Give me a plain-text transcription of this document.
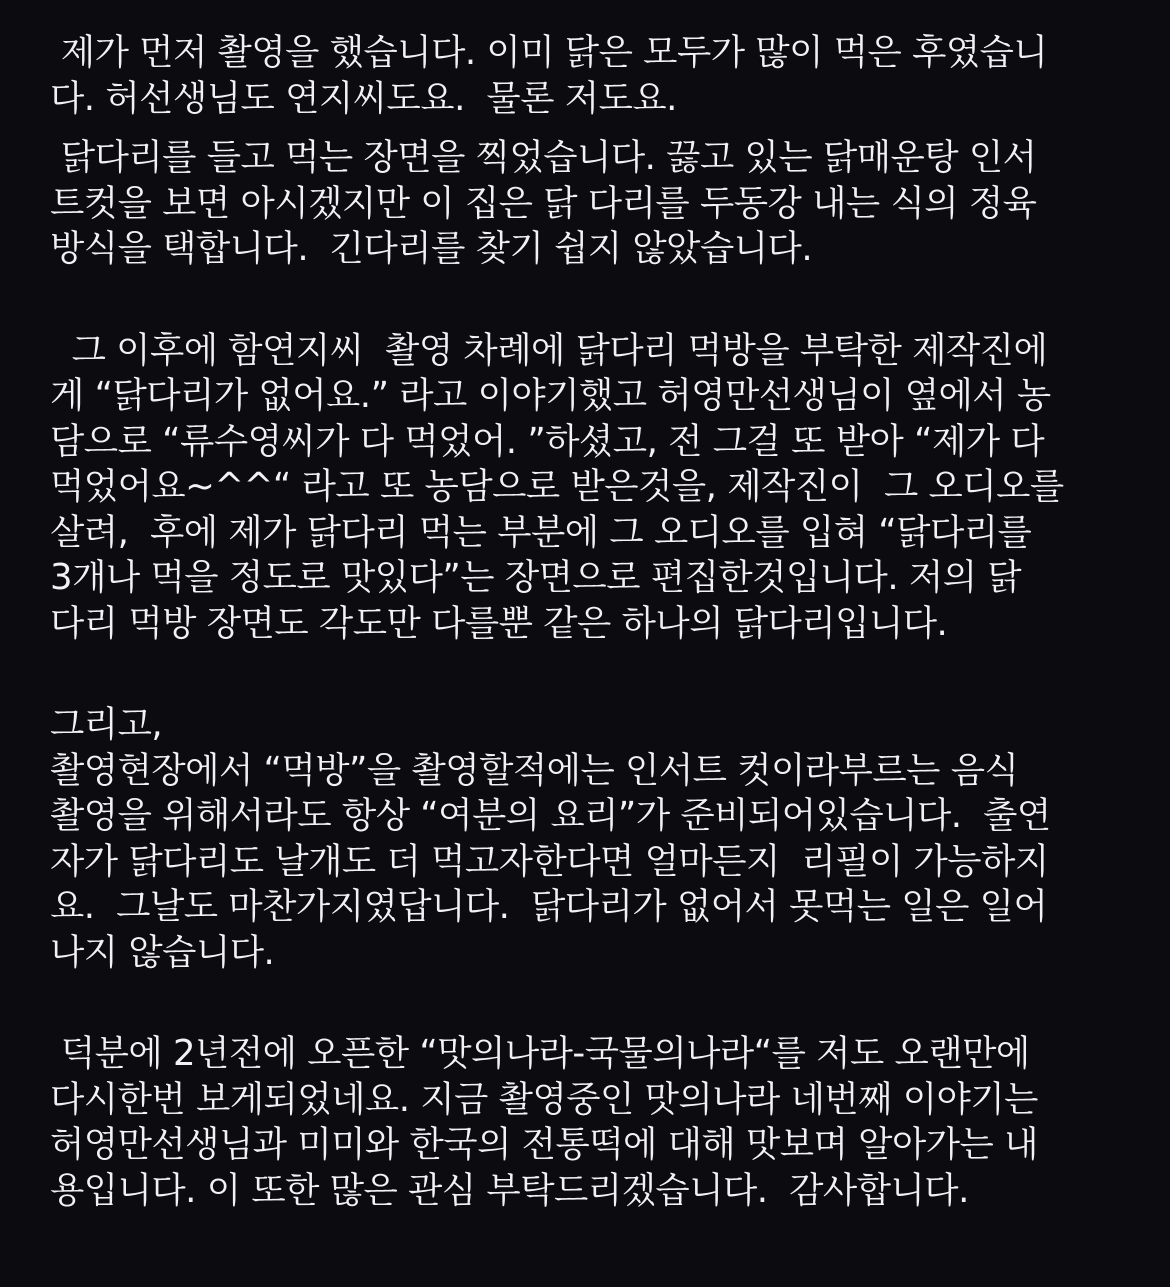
제가 먼저 촬영을 했습니다. 이미 닭은 모두가 많이 먹은 후였습니
다. 허선생님도 연지씨도요.  물론 저도요.
닭다리를 들고 먹는 장면을 찍었습니다. 끓고 있는 닭매운탕 인서
트컷을 보면 아시겠지만 이 집은 닭 다리를 두동강 내는 식의 정육
방식을 택합니다.  긴다리를 찾기 쉽지 않았습니다.
그 이후에 함연지씨  촬영 차례에 닭다리 먹방을 부탁한 제작진에
게 “닭다리가 없어요.” 라고 이야기했고 허영만선생님이 옆에서 농
담으로 “류수영씨가 다 먹었어. ”하셨고, 전 그걸 또 받아 “제가 다
먹었어요~^^“ 라고 또 농담으로 받은것을, 제작진이  그 오디오를
살려,  후에 제가 닭다리 먹는 부분에 그 오디오를 입혀 “닭다리를
3개나 먹을 정도로 맛있다”는 장면으로 편집한것입니다. 저의 닭
다리 먹방 장면도 각도만 다를뿐 같은 하나의 닭다리입니다.
그리고,
촬영현장에서 “먹방”을 촬영할적에는 인서트 컷이라부르는 음식
촬영을 위해서라도 항상 “여분의 요리”가 준비되어있습니다.  출연
자가 닭다리도 날개도 더 먹고자한다면 얼마든지  리필이 가능하지
요.  그날도 마찬가지였답니다.  닭다리가 없어서 못먹는 일은 일어
나지 않습니다.
덕분에 2년전에 오픈한 “맛의나라-국물의나라“를 저도 오랜만에
다시한번 보게되었네요. 지금 촬영중인 맛의나라 네번째 이야기는
허영만선생님과 미미와 한국의 전통떡에 대해 맛보며 알아가는 내
용입니다. 이 또한 많은 관심 부탁드리겠습니다.  감사합니다.
